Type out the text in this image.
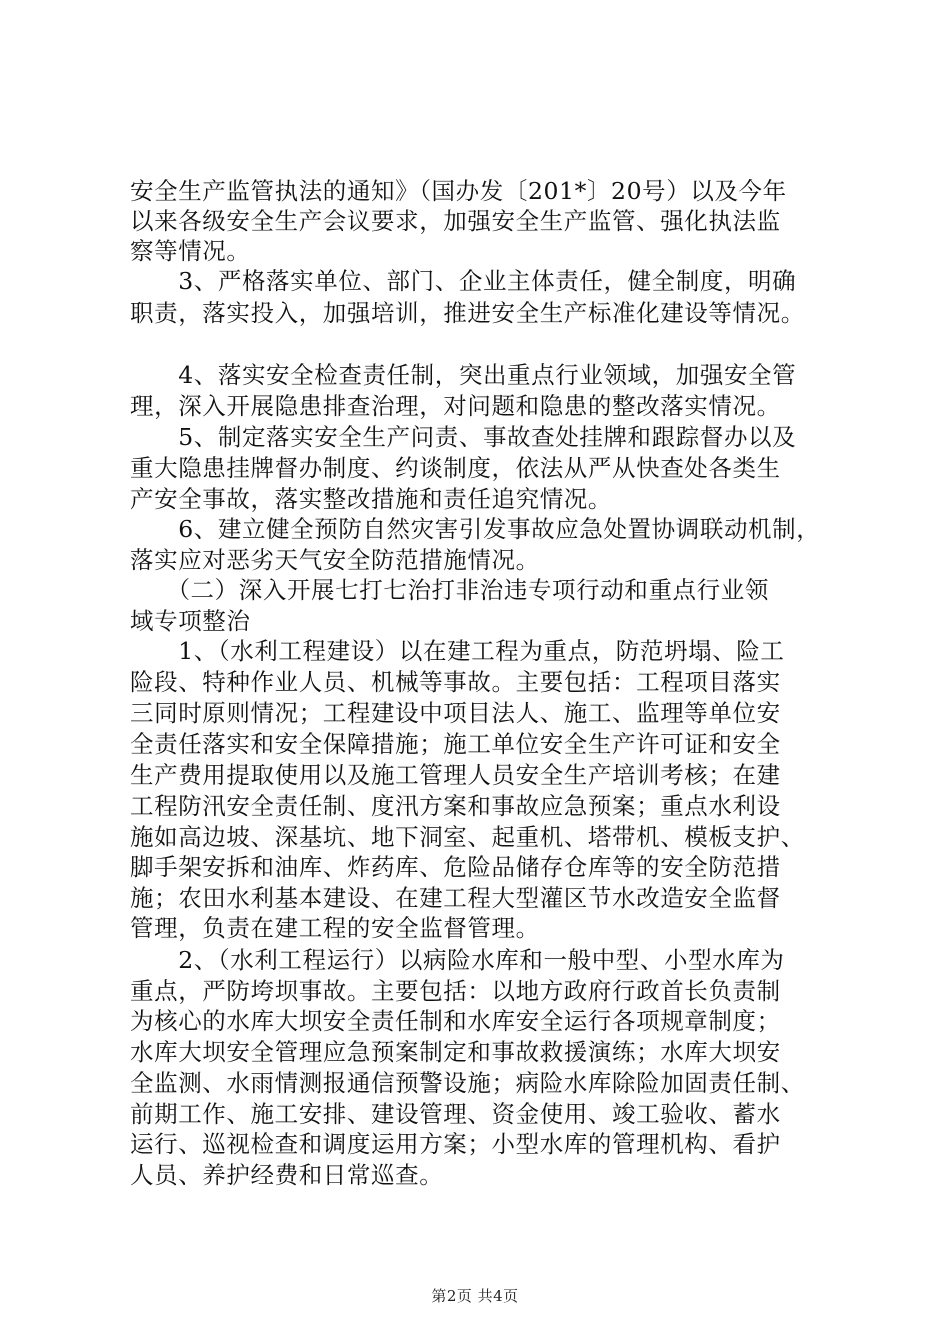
安全生产监管执法的通知》（国办发〔201*〕20号）以及今年
以来各级安全生产会议要求，加强安全生产监管、强化执法监
察等情况。
　　3、严格落实单位、部门、企业主体责任，健全制度，明确
职责，落实投入，加强培训，推进安全生产标准化建设等情况。
　　4、落实安全检查责任制，突出重点行业领域，加强安全管
理，深入开展隐患排查治理，对问题和隐患的整改落实情况。
　　5、制定落实安全生产问责、事故查处挂牌和跟踪督办以及
重大隐患挂牌督办制度、约谈制度，依法从严从快查处各类生
产安全事故，落实整改措施和责任追究情况。
　　6、建立健全预防自然灾害引发事故应急处置协调联动机制，
落实应对恶劣天气安全防范措施情况。
　　（二）深入开展七打七治打非治违专项行动和重点行业领
域专项整治
　　1、（水利工程建设）以在建工程为重点，防范坍塌、险工
险段、特种作业人员、机械等事故。主要包括：工程项目落实
三同时原则情况；工程建设中项目法人、施工、监理等单位安
全责任落实和安全保障措施；施工单位安全生产许可证和安全
生产费用提取使用以及施工管理人员安全生产培训考核；在建
工程防汛安全责任制、度汛方案和事故应急预案；重点水利设
施如高边坡、深基坑、地下洞室、起重机、塔带机、模板支护、
脚手架安拆和油库、炸药库、危险品储存仓库等的安全防范措
施；农田水利基本建设、在建工程大型灌区节水改造安全监督
管理，负责在建工程的安全监督管理。
　　2、（水利工程运行）以病险水库和一般中型、小型水库为
重点，严防垮坝事故。主要包括：以地方政府行政首长负责制
为核心的水库大坝安全责任制和水库安全运行各项规章制度；
水库大坝安全管理应急预案制定和事故救援演练；水库大坝安
全监测、水雨情测报通信预警设施；病险水库除险加固责任制、
前期工作、施工安排、建设管理、资金使用、竣工验收、蓄水
运行、巡视检查和调度运用方案；小型水库的管理机构、看护
人员、养护经费和日常巡查。
第2页 共4页
